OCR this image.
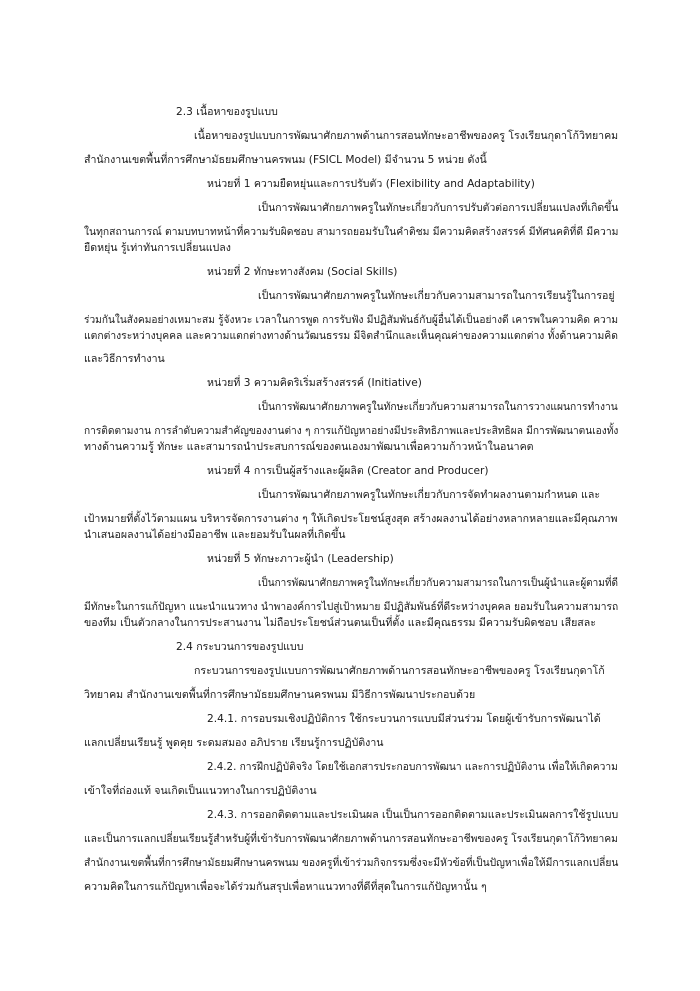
2.3 เนื้อหาของรูปแบบ
เนื้อหาของรูปแบบการพัฒนาศักยภาพด้านการสอนทักษะอาชีพของครู โรงเรียนกุดาโก้วิทยาคม
สำนักงานเขตพื้นที่การศึกษามัธยมศึกษานครพนม (FSICL Model) มีจำนวน 5 หน่วย ดังนี้
หน่วยที่ 1 ความยืดหยุ่นและการปรับตัว (Flexibility and Adaptability)
เป็นการพัฒนาศักยภาพครูในทักษะเกี่ยวกับการปรับตัวต่อการเปลี่ยนแปลงที่เกิดขึ้น
ในทุกสถานการณ์ ตามบทบาทหน้าที่ความรับผิดชอบ สามารถยอมรับในคำติชม มีความคิดสร้างสรรค์ มีทัศนคติที่ดี มีความ
ยืดหยุ่น รู้เท่าทันการเปลี่ยนแปลง
หน่วยที่ 2 ทักษะทางสังคม (Social Skills)
เป็นการพัฒนาศักยภาพครูในทักษะเกี่ยวกับความสามารถในการเรียนรู้ในการอยู่
ร่วมกันในสังคมอย่างเหมาะสม รู้จังหวะ เวลาในการพูด การรับฟัง มีปฏิสัมพันธ์กับผู้อื่นได้เป็นอย่างดี เคารพในความคิด ความ
แตกต่างระหว่างบุคคล และความแตกต่างทางด้านวัฒนธรรม มีจิตสำนึกและเห็นคุณค่าของความแตกต่าง ทั้งด้านความคิด
และวิธีการทำงาน
หน่วยที่ 3 ความคิดริเริ่มสร้างสรรค์ (Initiative)
เป็นการพัฒนาศักยภาพครูในทักษะเกี่ยวกับความสามารถในการวางแผนการทำงาน
การติดตามงาน การลำดับความสำคัญของงานต่าง ๆ การแก้ปัญหาอย่างมีประสิทธิภาพและประสิทธิผล มีการพัฒนาตนเองทั้ง
ทางด้านความรู้ ทักษะ และสามารถนำประสบการณ์ของตนเองมาพัฒนาเพื่อความก้าวหน้าในอนาคต
หน่วยที่ 4 การเป็นผู้สร้างและผู้ผลิต (Creator and Producer)
เป็นการพัฒนาศักยภาพครูในทักษะเกี่ยวกับการจัดทำผลงานตามกำหนด และ
เป้าหมายที่ตั้งไว้ตามแผน บริหารจัดการงานต่าง ๆ ให้เกิดประโยชน์สูงสุด สร้างผลงานได้อย่างหลากหลายและมีคุณภาพ
นำเสนอผลงานได้อย่างมืออาชีพ และยอมรับในผลที่เกิดขึ้น
หน่วยที่ 5 ทักษะภาวะผู้นำ (Leadership)
เป็นการพัฒนาศักยภาพครูในทักษะเกี่ยวกับความสามารถในการเป็นผู้นำและผู้ตามที่ดี
มีทักษะในการแก้ปัญหา แนะนำแนวทาง นำพาองค์การไปสู่เป้าหมาย มีปฏิสัมพันธ์ที่ดีระหว่างบุคคล ยอมรับในความสามารถ
ของทีม เป็นตัวกลางในการประสานงาน ไม่ถือประโยชน์ส่วนตนเป็นที่ตั้ง และมีคุณธรรม มีความรับผิดชอบ เสียสละ
2.4 กระบวนการของรูปแบบ
กระบวนการของรูปแบบการพัฒนาศักยภาพด้านการสอนทักษะอาชีพของครู โรงเรียนกุดาโก้
วิทยาคม สำนักงานเขตพื้นที่การศึกษามัธยมศึกษานครพนม มีวิธีการพัฒนาประกอบด้วย
2.4.1. การอบรมเชิงปฏิบัติการ ใช้กระบวนการแบบมีส่วนร่วม โดยผู้เข้ารับการพัฒนาได้
แลกเปลี่ยนเรียนรู้ พูดคุย ระดมสมอง อภิปราย เรียนรู้การปฏิบัติงาน
2.4.2. การฝึกปฏิบัติจริง โดยใช้เอกสารประกอบการพัฒนา และการปฏิบัติงาน เพื่อให้เกิดความ
เข้าใจที่ถ่องแท้ จนเกิดเป็นแนวทางในการปฏิบัติงาน
2.4.3. การออกติดตามและประเมินผล เป็นเป็นการออกติดตามและประเมินผลการใช้รูปแบบ
และเป็นการแลกเปลี่ยนเรียนรู้สำหรับผู้ที่เข้ารับการพัฒนาศักยภาพด้านการสอนทักษะอาชีพของครู โรงเรียนกุดาโก้วิทยาคม
สำนักงานเขตพื้นที่การศึกษามัธยมศึกษานครพนม ของครูที่เข้าร่วมกิจกรรมซึ่งจะมีหัวข้อที่เป็นปัญหาเพื่อให้มีการแลกเปลี่ยน
ความคิดในการแก้ปัญหาเพื่อจะได้ร่วมกันสรุปเพื่อหาแนวทางที่ดีที่สุดในการแก้ปัญหานั้น ๆ
